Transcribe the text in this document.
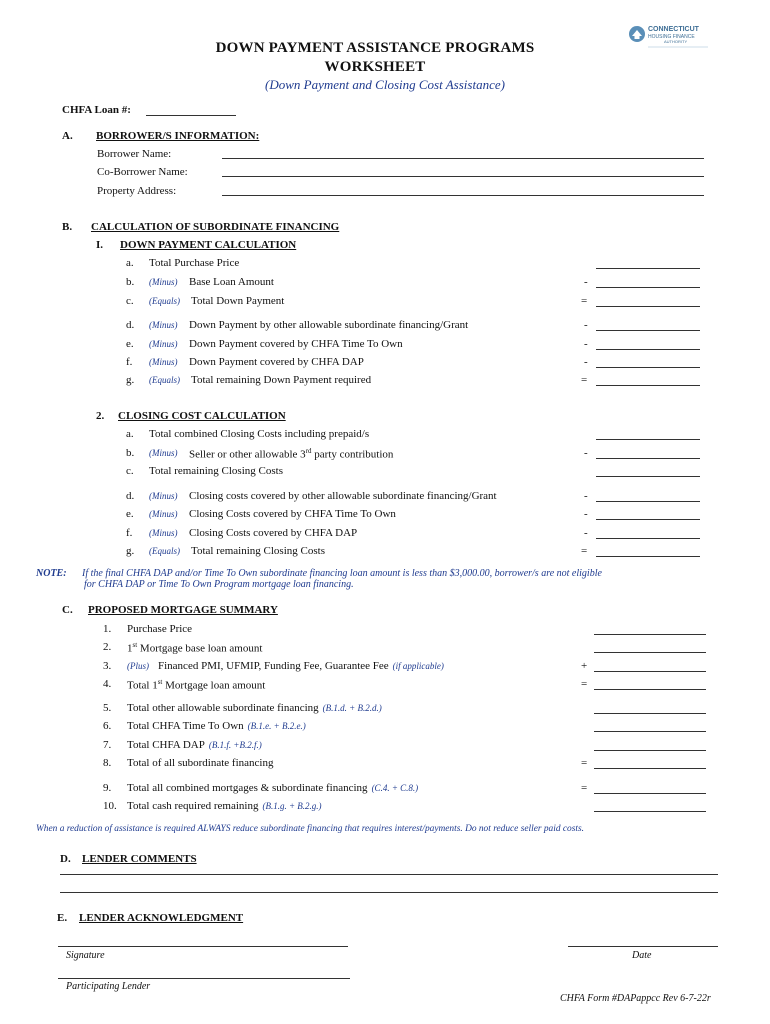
CONNECTICUT
HOUSING FINANCE
AUTHORITY
DOWN PAYMENT ASSISTANCE PROGRAMS
WORKSHEET
(Down Payment and Closing Cost Assistance)
CHFA Loan #:
A. BORROWER/S INFORMATION:
Borrower Name:
Co-Borrower Name:
Property Address:
B. CALCULATION OF SUBORDINATE FINANCING
I. DOWN PAYMENT CALCULATION
a. Total Purchase Price
b. (Minus) Base Loan Amount	-
c. (Equals) Total Down Payment	=
d. (Minus) Down Payment by other allowable subordinate financing/Grant	-
e. (Minus) Down Payment covered by CHFA Time To Own	-
f. (Minus) Down Payment covered by CHFA DAP	-
g. (Equals) Total remaining Down Payment required	=
2. CLOSING COST CALCULATION
a. Total combined Closing Costs including prepaid/s
b. (Minus) Seller or other allowable 3rd party contribution	-
c. Total remaining Closing Costs
d. (Minus) Closing costs covered by other allowable subordinate financing/Grant	-
e. (Minus) Closing Costs covered by CHFA Time To Own	-
f. (Minus) Closing Costs covered by CHFA DAP	-
g. (Equals) Total remaining Closing Costs	=
NOTE: If the final CHFA DAP and/or Time To Own subordinate financing loan amount is less than $3,000.00, borrower/s are not eligible
for CHFA DAP or Time To Own Program mortgage loan financing.
C. PROPOSED MORTGAGE SUMMARY
1. Purchase Price
2. 1st Mortgage base loan amount
3. (Plus) Financed PMI, UFMIP, Funding Fee, Guarantee Fee (if applicable)	+
4. Total 1st Mortgage loan amount	=
5. Total other allowable subordinate financing (B.1.d. + B.2.d.)
6. Total CHFA Time To Own (B.1.e. + B.2.e.)
7. Total CHFA DAP (B.1.f. +B.2.f.)
8. Total of all subordinate financing	=
9. Total all combined mortgages & subordinate financing (C.4. + C.8.)	=
10. Total cash required remaining (B.1.g. + B.2.g.)
When a reduction of assistance is required ALWAYS reduce subordinate financing that requires interest/payments. Do not reduce seller paid costs.
D. LENDER COMMENTS
E. LENDER ACKNOWLEDGMENT
Signature	Date
Participating Lender
CHFA Form #DAPappcc Rev 6-7-22r
